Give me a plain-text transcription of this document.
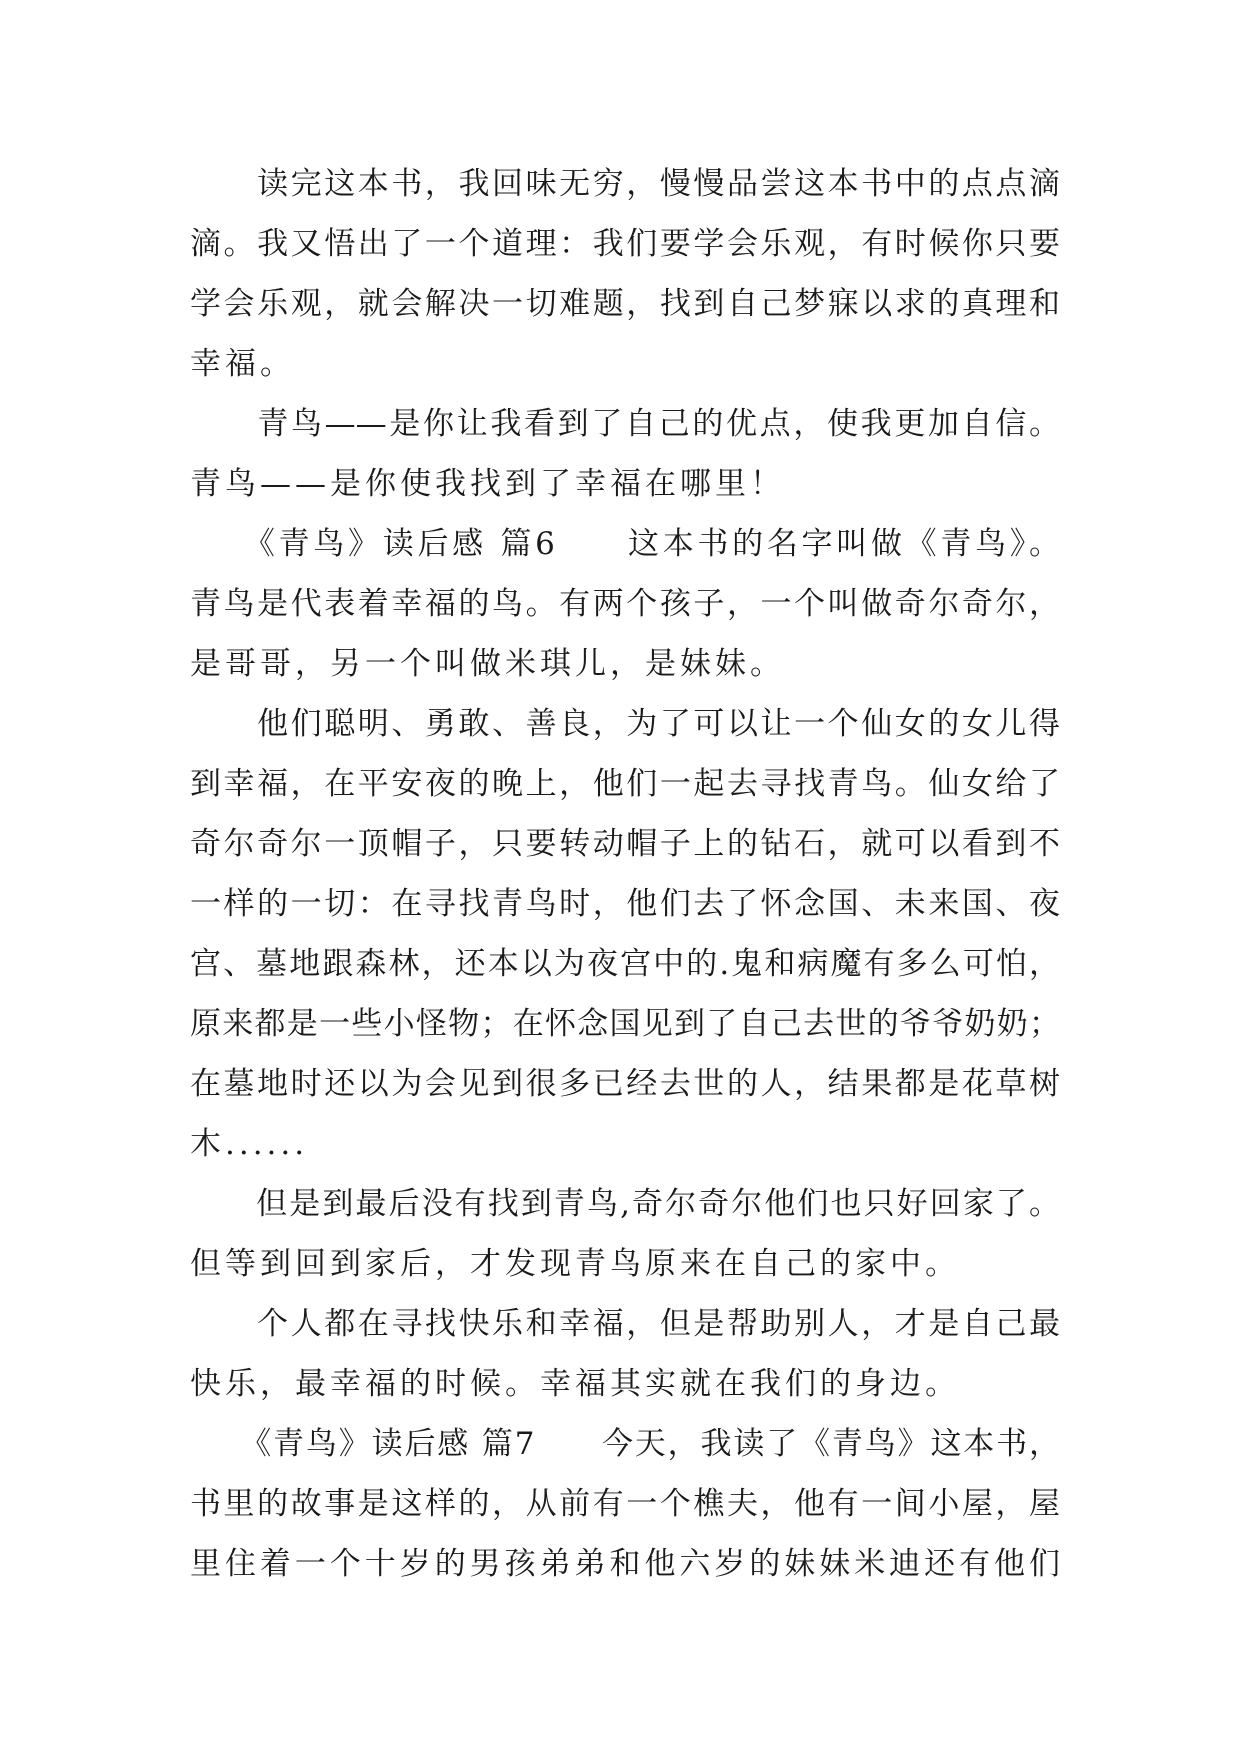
　　读完这本书，我回味无穷，慢慢品尝这本书中的点点滴
滴。我又悟出了一个道理：我们要学会乐观，有时候你只要
学会乐观，就会解决一切难题，找到自己梦寐以求的真理和
幸福。
　　青鸟——是你让我看到了自己的优点，使我更加自信。
青鸟——是你使我找到了幸福在哪里！
　　《青鸟》读后感 篇6　　这本书的名字叫做《青鸟》。
青鸟是代表着幸福的鸟。有两个孩子，一个叫做奇尔奇尔，
是哥哥，另一个叫做米琪儿，是妹妹。
　　他们聪明、勇敢、善良，为了可以让一个仙女的女儿得
到幸福，在平安夜的晚上，他们一起去寻找青鸟。仙女给了
奇尔奇尔一顶帽子，只要转动帽子上的钻石，就可以看到不
一样的一切：在寻找青鸟时，他们去了怀念国、未来国、夜
宫、墓地跟森林，还本以为夜宫中的.鬼和病魔有多么可怕，
原来都是一些小怪物；在怀念国见到了自己去世的爷爷奶奶；
在墓地时还以为会见到很多已经去世的人，结果都是花草树
木......
　　但是到最后没有找到青鸟,奇尔奇尔他们也只好回家了。
但等到回到家后，才发现青鸟原来在自己的家中。
　　个人都在寻找快乐和幸福，但是帮助别人，才是自己最
快乐，最幸福的时候。幸福其实就在我们的身边。
　　《青鸟》读后感 篇7　　今天，我读了《青鸟》这本书，
书里的故事是这样的，从前有一个樵夫，他有一间小屋，屋
里住着一个十岁的男孩弟弟和他六岁的妹妹米迪还有他们
